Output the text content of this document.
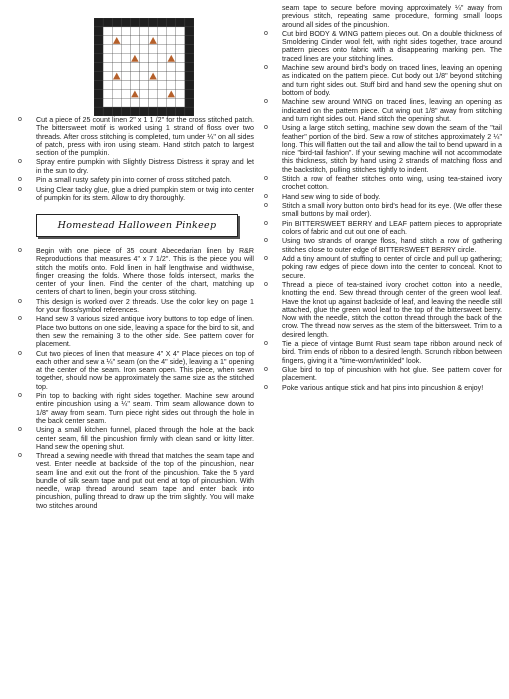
o Cut a piece of 25 count linen 2" x 1 1 /2" for the cross stitched patch. The bittersweet motif is worked using 1 strand of floss over two threads. After cross stitching is completed, turn under ¼" on all sides of patch, press with iron using steam. Hand stitch patch to largest section of the pumpkin.
o Spray entire pumpkin with Slightly Distress Distress it spray and let in the sun to dry.
o Pin a small rusty safety pin into corner of cross stitched patch.
o Using Clear tacky glue, glue a dried pumpkin stem or twig into center of pumpkin for its stem. Allow to dry thoroughly.
Homestead Halloween Pinkeep
o Begin with one piece of 35 count Abecedarian linen by R&R Reproductions that measures 4" x 7 1/2". This is the piece you will stitch the motifs onto. Fold linen in half lengthwise and widthwise, finger creasing the folds. Where those folds intersect, marks the center of your linen. Find the center of the chart, matching up centers of chart to linen, begin your cross stitching.
o This design is worked over 2 threads. Use the color key on page 1 for your floss/symbol references.
o Hand sew 3 various sized antique ivory buttons to top edge of linen. Place two buttons on one side, leaving a space for the bird to sit, and then sew the remaining 3 to the other side. See pattern cover for placement.
o Cut two pieces of linen that measure 4" X 4" Place pieces on top of each other and sew a ¼" seam (on the 4" side), leaving a 1" opening at the center of the seam. Iron seam open. This piece, when sewn together, should now be approximately the same size as the stitched top.
o Pin top to backing with right sides together. Machine sew around entire pincushion using a ¼" seam. Trim seam allowance down to 1/8" away from seam. Turn piece right sides out through the hole in the back center seam.
o Using a small kitchen funnel, placed through the hole at the back center seam, fill the pincushion firmly with clean sand or kitty litter. Hand sew the opening shut.
o Thread a sewing needle with thread that matches the seam tape and vest. Enter needle at backside of the top of the pincushion, near seam line and exit out the front of the pincushion. Take the 5 yard bundle of silk seam tape and put out end at top of pincushion. With needle, wrap thread around seam tape and enter back into pincushion, pulling thread to draw up the trim slightly. You will make two stitches around
seam tape to secure before moving approximately ¼" away from previous stitch, repeating same procedure, forming small loops around all sides of the pincushion.
o Cut bird BODY & WING pattern pieces out. On a double thickness of Smoldering Cinder wool felt, with right sides together, trace around pattern pieces onto fabric with a disappearing marking pen. The traced lines are your stitching lines.
o Machine sew around bird's body on traced lines, leaving an opening as indicated on the pattern piece. Cut body out 1/8" beyond stitching and turn right sides out. Stuff bird and hand sew the opening shut on bottom of body.
o Machine sew around WING on traced lines, leaving an opening as indicated on the pattern piece. Cut wing out 1/8" away from stitching and turn right sides out. Hand stitch the opening shut.
o Using a large stitch setting, machine sew down the seam of the "tail feather" portion of the bird. Sew a row of stitches approximately 2 ¼" long. This will flatten out the tail and allow the tail to bend upward in a nice "bird-tail fashion". If your sewing machine will not accommodate this thickness, stitch by hand using 2 strands of matching floss and the backstitch, pulling stitches tightly to indent.
o Stitch a row of feather stitches onto wing, using tea-stained ivory crochet cotton.
o Hand sew wing to side of body.
o Stitch a small ivory button onto bird's head for its eye. (We offer these small buttons by mail order).
o Pin BITTERSWEET BERRY and LEAF pattern pieces to appropriate colors of fabric and cut out one of each.
o Using two strands of orange floss, hand stitch a row of gathering stitches close to outer edge of BITTERSWEET BERRY circle.
o Add a tiny amount of stuffing to center of circle and pull up gathering; poking raw edges of piece down into the center to conceal. Knot to secure.
o Thread a piece of tea-stained ivory crochet cotton into a needle, knotting the end. Sew thread through center of the green wool leaf. Have the knot up against backside of leaf, and leaving the needle still attached, glue the green wool leaf to the top of the bittersweet berry. Now with the needle, stitch the cotton thread through the back of the crow. The thread now serves as the stem of the bittersweet. Trim to a desired length.
o Tie a piece of vintage Burnt Rust seam tape ribbon around neck of bird. Trim ends of ribbon to a desired length. Scrunch ribbon between fingers, giving it a "time-worn/wrinkled" look.
o Glue bird to top of pincushion with hot glue. See pattern cover for placement.
o Poke various antique stick and hat pins into pincushion & enjoy!
